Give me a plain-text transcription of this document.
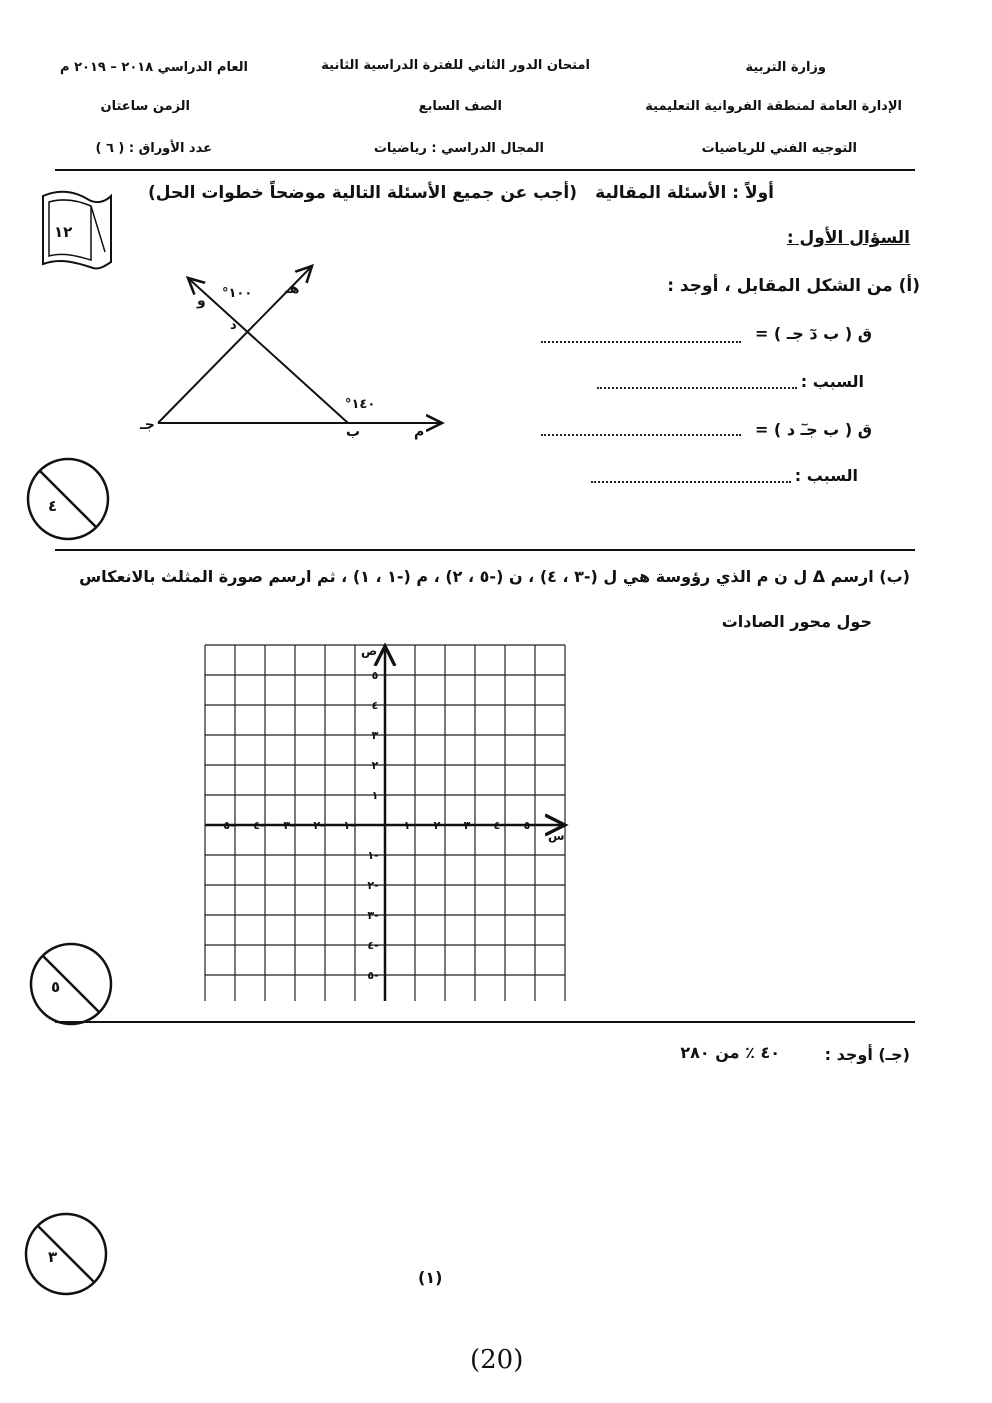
وزارة التربية
الإدارة العامة لمنطقة الفروانية التعليمية
التوجيه الفني للرياضيات
امتحان الدور الثاني للفترة الدراسية الثانية
الصف السابع
المجال الدراسي : رياضيات
العام الدراسي ٢٠١٨ – ٢٠١٩ م
الزمن ساعتان
عدد الأوراق : ( ٦ )
أولاً : الأسئلة المقالية
(أجب عن جميع الأسئلة التالية موضحاً خطوات الحل)
١٢	السؤال الأول :
(أ) من الشكل المقابل ، أوجد :
ق ( ب دٓ جـ ) =
السبب :
ق ( ب جـٓ د ) =
السبب :
١٠٠°
١٤٠°
و
هـ
د
جـ	ب	م
٤
(ب) ارسم Δ ل ن م الذي رؤوسة هي ل (-٣ ، ٤) ، ن (-٥ ، ٢) ، م (-١ ، ١) ، ثم ارسم صورة المثلث بالانعكاس
حول محور الصادات
١ ٢ ٣ ٤ ٥
١-
٢-
٣-
٤-
٥-
١
٢
٣
٤
٥
١-
٢-
٣-
٤-
٥-
س
ص
٥
(جـ) أوجد :
٤٠ ٪ من ٢٨٠
٣
(١)
(20)
